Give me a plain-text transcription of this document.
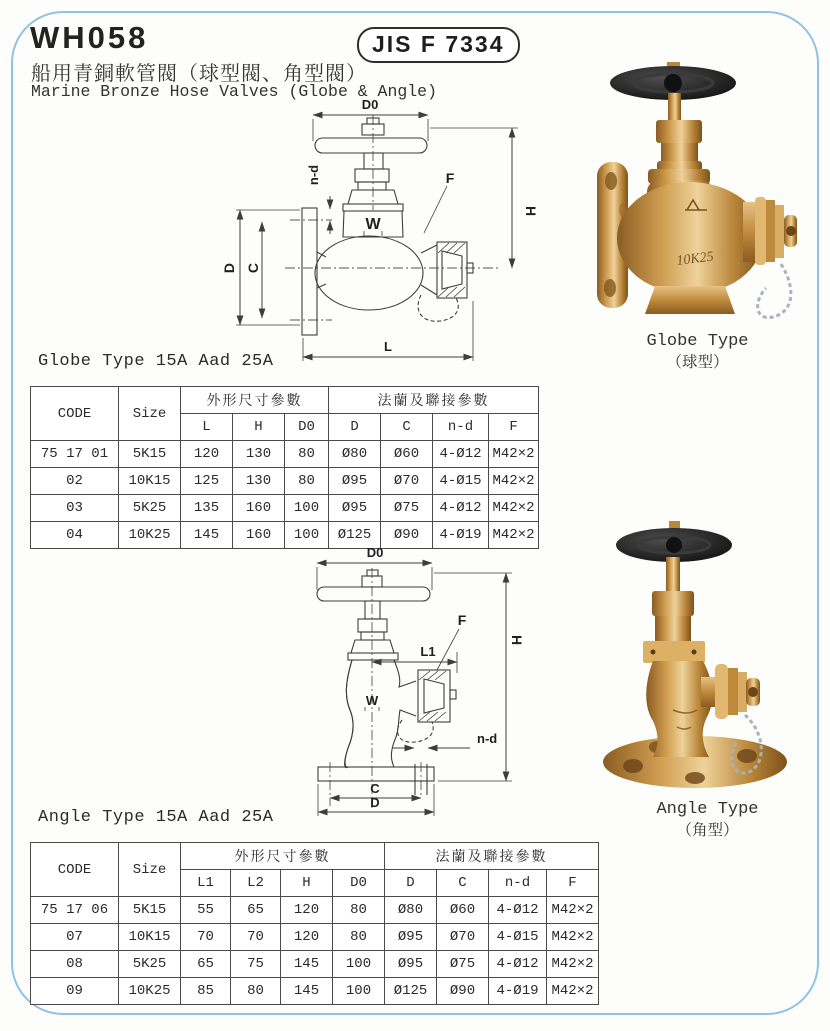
WH058
船用青銅軟管閥（球型閥、角型閥）
Marine Bronze Hose Valves (Globe & Angle)
JIS F 7334
D0
H
D C
L
n-d	F
W
10K25
Globe Type
（球型）
Globe Type 15A Aad 25A
CODE	Size	外形尺寸參數			法蘭及聯接參數			
		L	H	D0	D	C	n-d	F
75 17 01	5K15	120	130	80	Ø80	Ø60	4-Ø12	M42×2
02	10K15	125	130	80	Ø95	Ø70	4-Ø15	M42×2
03	5K25	135	160	100	Ø95	Ø75	4-Ø12	M42×2
04	10K25	145	160	100	Ø125	Ø90	4-Ø19	M42×2
W
D0
L1
F
H
n-d
C
D	Angle Type
（角型）
Angle Type 15A Aad 25A
CODE	Size	外形尺寸參數				法蘭及聯接參數			
		L1	L2	H	D0	D	C	n-d	F
75 17 06	5K15	55	65	120	80	Ø80	Ø60	4-Ø12	M42×2
07	10K15	70	70	120	80	Ø95	Ø70	4-Ø15	M42×2
08	5K25	65	75	145	100	Ø95	Ø75	4-Ø12	M42×2
09	10K25	85	80	145	100	Ø125	Ø90	4-Ø19	M42×2
